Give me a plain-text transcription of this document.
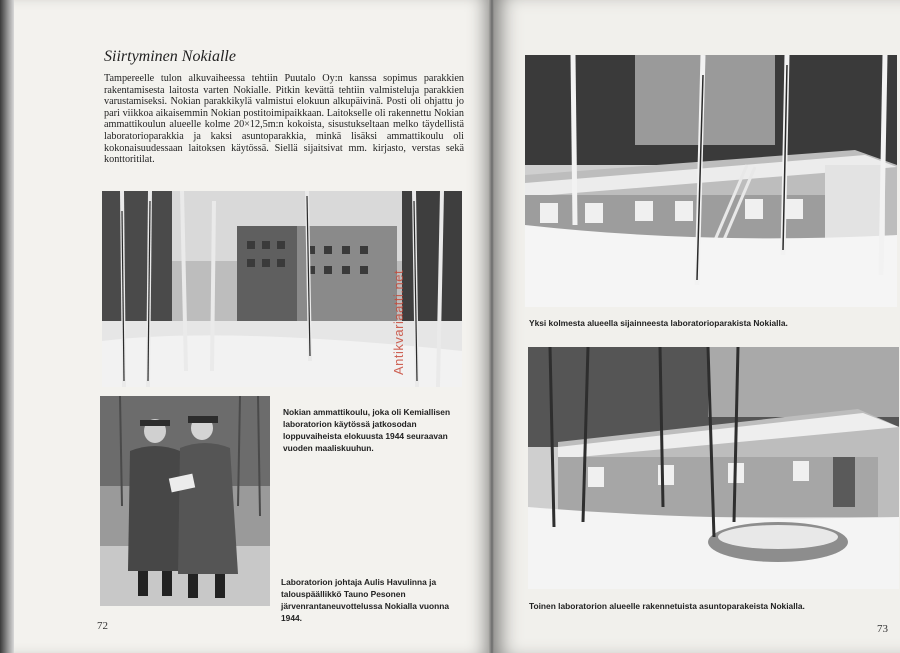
Siirtyminen Nokialle
Tampereelle tulon alkuvaiheessa tehtiin Puutalo Oy:n kanssa sopimus parakkien rakentamisesta laitosta varten Nokialle. Pitkin kevättä tehtiin valmisteluja parakkien varustamiseksi. Nokian parakkikylä valmistui elokuun alkupäivinä. Posti oli ohjattu jo pari viikkoa aikaisemmin Nokian postitoimipaikkaan. Laitokselle oli rakennettu Nokian ammattikoulun alueelle kolme 20×12,5m:n kokoista, sisustukseltaan melko täydellistä laboratorioparakkia ja kaksi asuntoparakkia, minkä lisäksi ammattikoulu oli kokonaisuudessaan laitoksen käytössä. Siellä sijaitsivat mm. kirjasto, verstas sekä konttoritilat.
Nokian ammattikoulu, joka oli Kemiallisen laboratorion käytössä jatkosodan loppuvaiheista elokuusta 1944 seuraavan vuoden maaliskuuhun.
Laboratorion johtaja Aulis Havulinna ja talouspäällikkö Tauno Pesonen järvenrantaneuvottelussa Nokialla vuonna 1944.
72
Antikvariaatti.net	Yksi kolmesta alueella sijainneesta laboratorioparakista Nokialla.
Toinen laboratorion alueelle rakennetuista asuntoparakeista Nokialla.
73
